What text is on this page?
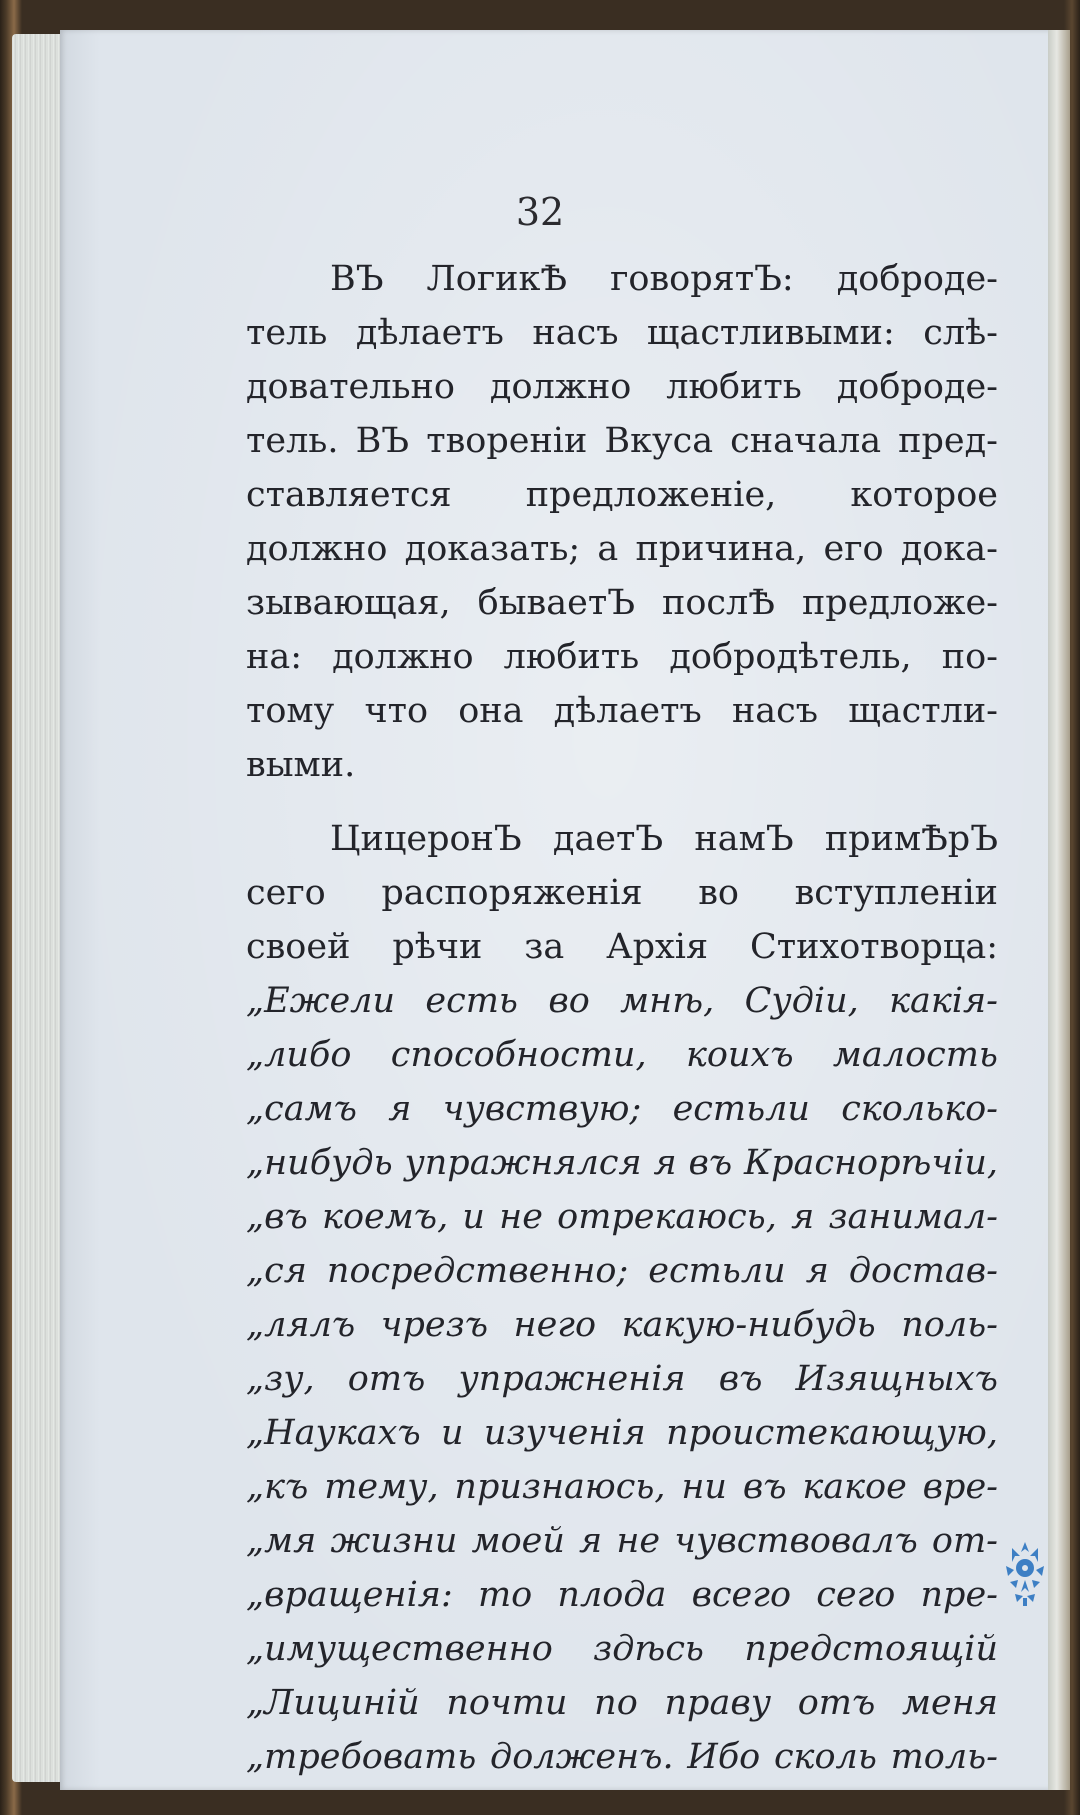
32
ВЪ ЛогикѢ говорятЪ: доброде-
тель дѣлаетъ насъ щастливыми: слѣ-
довательно должно любить доброде-
тель. ВЪ твореніи Вкуса сначала пред-
ставляется предложеніе, которое
должно доказать; а причина, его дока-
зывающая, бываетЪ послѢ предложе-
на: должно любить добродѣтель, по-
тому что она дѣлаетъ насъ щастли-
выми.
ЦицеронЪ даетЪ намЪ примѢрЪ
сего распоряженія во вступленіи
своей рѣчи за Архія Стихотворца:
„Ежели есть во мнѣ, Судіи, какія-
„либо способности, коихъ малость
„самъ я чувствую; естьли сколько-
„нибудь упражнялся я въ Краснорѣчіи,
„въ коемъ, и не отрекаюсь, я занимал-
„ся посредственно; естьли я достав-
„лялъ чрезъ него какую-нибудь поль-
„зу, отъ упражненія въ Изящныхъ
„Наукахъ и изученія проистекающую,
„къ тему, признаюсь, ни въ какое вре-
„мя жизни моей я не чувствовалъ от-
„вращенія: то плода всего сего пре-
„имущественно здѣсь предстоящій
„Лициній почти по праву отъ меня
„требовать долженъ. Ибо сколь толь-
